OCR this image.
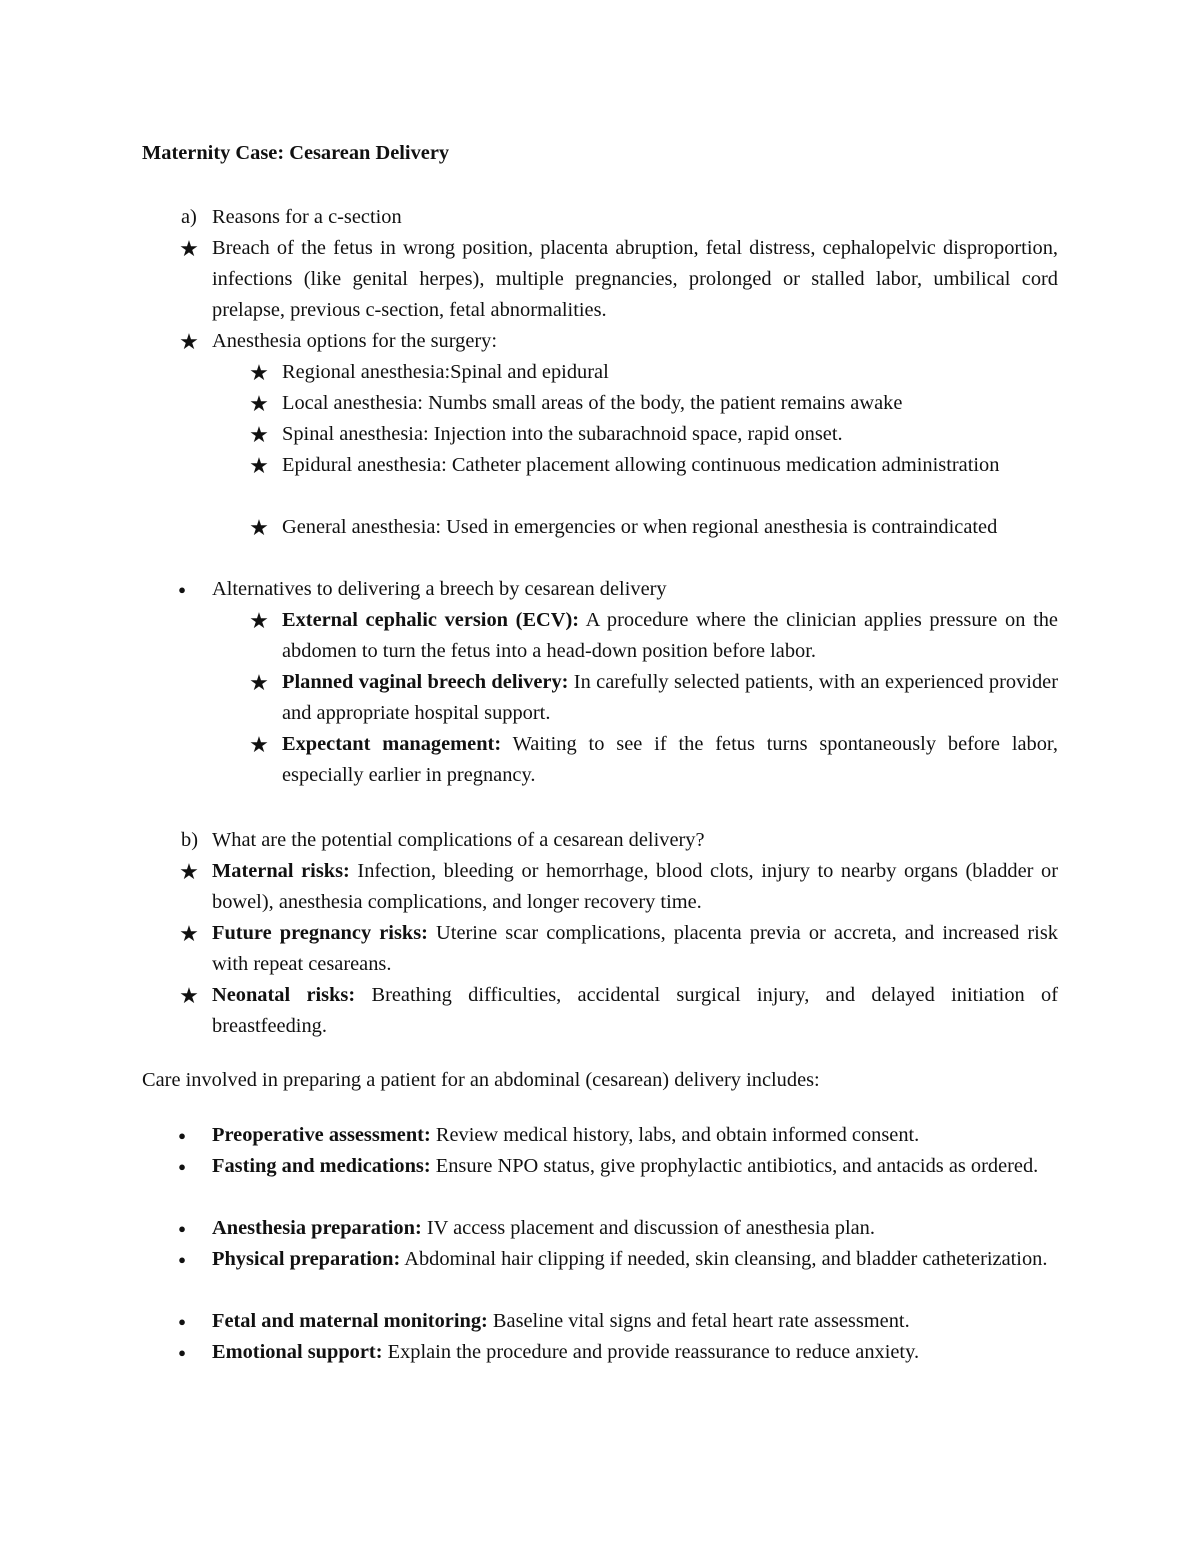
Maternity Case: Cesarean Delivery
a) Reasons for a c-section
★ Breach of the fetus in wrong position, placenta abruption, fetal distress, cephalopelvic disproportion, infections (like genital herpes), multiple pregnancies, prolonged or stalled labor, umbilical cord prelapse, previous c-section, fetal abnormalities.

★ Anesthesia options for the surgery:
★ Regional anesthesia:Spinal and epidural
★ Local anesthesia: Numbs small areas of the body, the patient remains awake
★ Spinal anesthesia: Injection into the subarachnoid space, rapid onset.
★ Epidural anesthesia: Catheter placement allowing continuous medication administration

★ General anesthesia: Used in emergencies or when regional anesthesia is contraindicated

● Alternatives to delivering a breech by cesarean delivery
★ External cephalic version (ECV): A procedure where the clinician applies pressure on the abdomen to turn the fetus into a head-down position before labor.

★ Planned vaginal breech delivery: In carefully selected patients, with an experienced provider and appropriate hospital support.

★ Expectant management: Waiting to see if the fetus turns spontaneously before labor, especially earlier in pregnancy.

b) What are the potential complications of a cesarean delivery?
★ Maternal risks: Infection, bleeding or hemorrhage, blood clots, injury to nearby organs (bladder or bowel), anesthesia complications, and longer recovery time.

★ Future pregnancy risks: Uterine scar complications, placenta previa or accreta, and increased risk with repeat cesareans.

★ Neonatal risks: Breathing difficulties, accidental surgical injury, and delayed initiation of breastfeeding.

Care involved in preparing a patient for an abdominal (cesarean) delivery includes:
● Preoperative assessment: Review medical history, labs, and obtain informed consent.

● Fasting and medications: Ensure NPO status, give prophylactic antibiotics, and antacids as ordered.

● Anesthesia preparation: IV access placement and discussion of anesthesia plan.

● Physical preparation: Abdominal hair clipping if needed, skin cleansing, and bladder catheterization.

● Fetal and maternal monitoring: Baseline vital signs and fetal heart rate assessment.

● Emotional support: Explain the procedure and provide reassurance to reduce anxiety.
